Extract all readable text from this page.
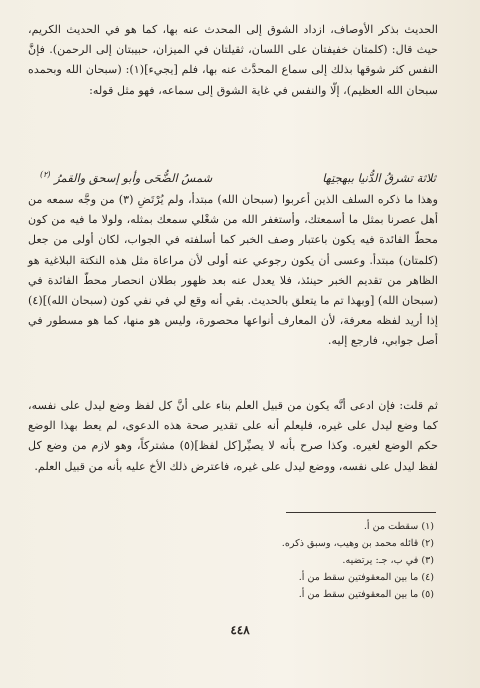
الحديث بذكر الأوصاف، ازداد الشوق إلى المحدث عنه بها، كما هو في الحديث الكريم، حيث قال: (كلمتان خفيفتان على اللسان، ثقيلتان في الميزان، حبيبتان إلى الرحمن). فإنَّ النفس كثر شوقها بذلك إلى سماع المحدَّث عنه بها، فلم [يجيء](١): (سبحان الله وبحمده سبحان الله العظيم)، إلّا والنفس في غاية الشوق إلى سماعه، فهو مثل قوله:

ثلاثة تشرقُ الدُّنيا ببهجتِها
شمسُ الضُّحَى وأبو إسحق والقمرُ $^{(٢)}$

وهذا ما ذكره السلف الذين أعربوا (سبحان الله) مبتدأ، ولم يُرْتَضِ (٣) من وجَّه سمعه من أهل عصرنا بمثل ما أسمعتك، وأستغفر الله من شغْلي سمعك بمثله، ولولا ما فيه من كون محطّ الفائدة فيه يكون باعتبار وصف الخبر كما أسلفته في الجواب، لكان أولى من جعل (كلمتان) مبتدأ. وعسى أن يكون رجوعي عنه أولى لأن مراعاة مثل هذه النكتة البلاغية هو الظاهر من تقديم الخبر حينئذ، فلا يعدل عنه بعد ظهور بطلان انحصار محطّ الفائدة في (سبحان الله) [وبهذا تم ما يتعلق بالحديث. بقي أنه وقع لي في نفي كون (سبحان الله)](٤) إذا أريد لفظه معرفة، لأن المعارف أنواعها محصورة، وليس هو منها، كما هو مسطور في أصل جوابي، فارجع إليه.

ثم قلت: فإن ادعى أنَّه يكون من قبيل العلم بناء على أنَّ كل لفظ وضع ليدل على نفسه، كما وضع ليدل على غيره، فليعلم أنه على تقدير صحة هذه الدعوى، لم يعط بهذا الوضع حكم الوضع لغيره. وكذا صرح بأنه لا يصيِّر[كل لفظ](٥) مشتركاً، وهو لازم من وضع كل لفظ ليدل على نفسه، ووضع ليدل على غيره، فاعترض ذلك الأخ عليه بأنه من قبيل العلم.

(١) سقطت من أ.
(٢) قائله محمد بن وهيب، وسبق ذكره.
(٣) في ب، جـ: يرتضيه.
(٤) ما بين المعقوفتين سقط من أ.
(٥) ما بين المعقوفتين سقط من أ.
٤٤٨
